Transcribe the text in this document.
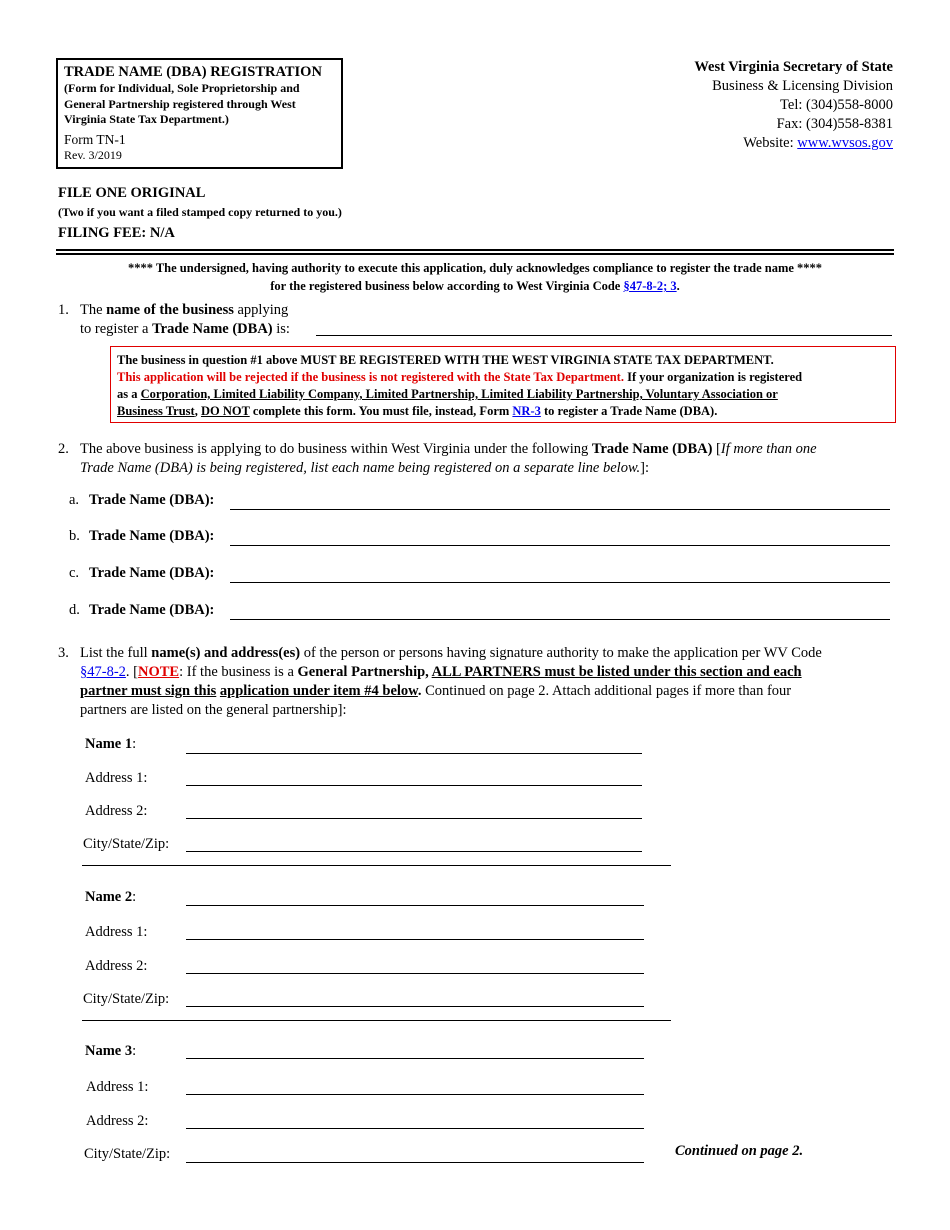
TRADE NAME (DBA) REGISTRATION
(Form for Individual, Sole Proprietorship and General Partnership registered through West Virginia State Tax Department.)
Form TN-1
Rev. 3/2019
West Virginia Secretary of State
Business & Licensing Division
Tel: (304)558-8000
Fax: (304)558-8381
Website: www.wvsos.gov
FILE ONE ORIGINAL
(Two if you want a filed stamped copy returned to you.)
FILING FEE: N/A
**** The undersigned, having authority to execute this application, duly acknowledges compliance to register the trade name ****
for the registered business below according to West Virginia Code §47-8-2; 3.
1. The name of the business applying
to register a Trade Name (DBA) is:
The business in question #1 above MUST BE REGISTERED WITH THE WEST VIRGINIA STATE TAX DEPARTMENT.
This application will be rejected if the business is not registered with the State Tax Department. If your organization is registered
as a Corporation, Limited Liability Company, Limited Partnership, Limited Liability Partnership, Voluntary Association or
Business Trust, DO NOT complete this form. You must file, instead, Form NR-3 to register a Trade Name (DBA).
2. The above business is applying to do business within West Virginia under the following Trade Name (DBA) [If more than one
Trade Name (DBA) is being registered, list each name being registered on a separate line below.]:
a. Trade Name (DBA):
b. Trade Name (DBA):
c. Trade Name (DBA):
d. Trade Name (DBA):
3. List the full name(s) and address(es) of the person or persons having signature authority to make the application per WV Code
§47-8-2. [NOTE: If the business is a General Partnership, ALL PARTNERS must be listed under this section and each
partner must sign this application under item #4 below. Continued on page 2. Attach additional pages if more than four
partners are listed on the general partnership]:
Name 1:
Address 1:
Address 2:
City/State/Zip:
Name 2:
Address 1:
Address 2:
City/State/Zip:
Name 3:
Address 1:
Address 2:
City/State/Zip:	Continued on page 2.
